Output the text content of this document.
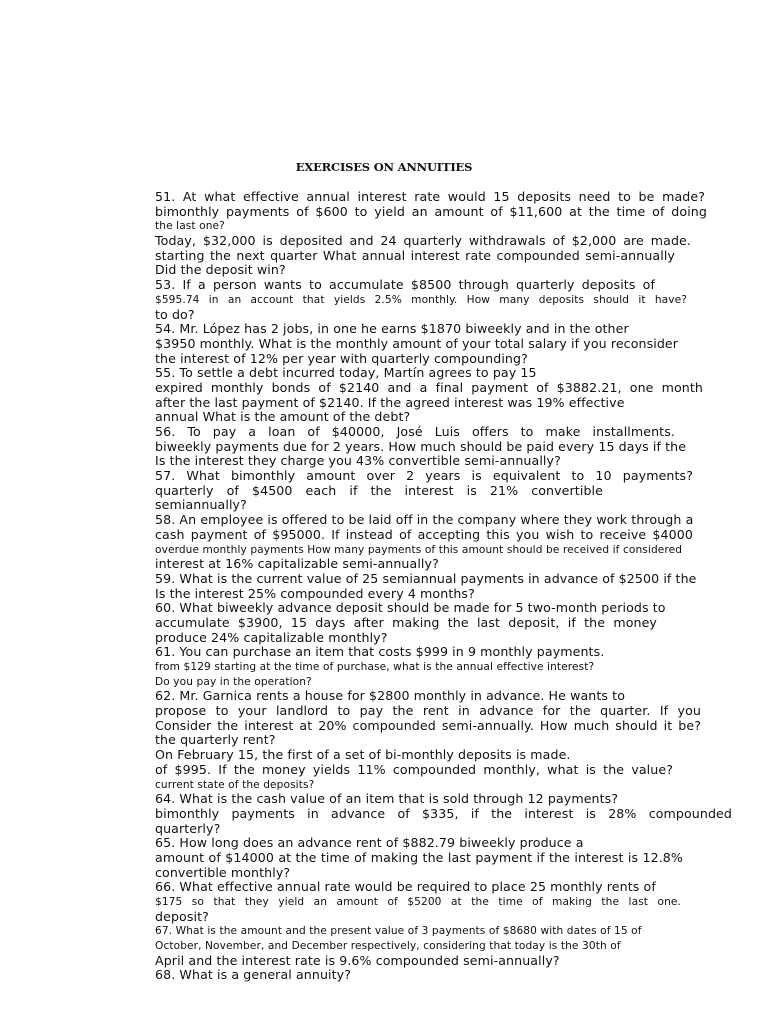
EXERCISES ON ANNUITIES
51. At what effective annual interest rate would 15 deposits need to be made?
bimonthly payments of $600 to yield an amount of $11,600 at the time of doing
the last one?
Today, $32,000 is deposited and 24 quarterly withdrawals of $2,000 are made.
starting the next quarter What annual interest rate compounded semi-annually
Did the deposit win?
53. If a person wants to accumulate $8500 through quarterly deposits of
$595.74 in an account that yields 2.5% monthly. How many deposits should it have?
to do?
54. Mr. López has 2 jobs, in one he earns $1870 biweekly and in the other
$3950 monthly. What is the monthly amount of your total salary if you reconsider
the interest of 12% per year with quarterly compounding?
55. To settle a debt incurred today, Martín agrees to pay 15
expired monthly bonds of $2140 and a final payment of $3882.21, one month
after the last payment of $2140. If the agreed interest was 19% effective
annual What is the amount of the debt?
56. To pay a loan of $40000, José Luis offers to make installments.
biweekly payments due for 2 years. How much should be paid every 15 days if the
Is the interest they charge you 43% convertible semi-annually?
57. What bimonthly amount over 2 years is equivalent to 10 payments?
quarterly of $4500 each if the interest is 21% convertible
semiannually?
58. An employee is offered to be laid off in the company where they work through a
cash payment of $95000. If instead of accepting this you wish to receive $4000
overdue monthly payments How many payments of this amount should be received if considered
interest at 16% capitalizable semi-annually?
59. What is the current value of 25 semiannual payments in advance of $2500 if the
Is the interest 25% compounded every 4 months?
60. What biweekly advance deposit should be made for 5 two-month periods to
accumulate $3900, 15 days after making the last deposit, if the money
produce 24% capitalizable monthly?
61. You can purchase an item that costs $999 in 9 monthly payments.
from $129 starting at the time of purchase, what is the annual effective interest?
Do you pay in the operation?
62. Mr. Garnica rents a house for $2800 monthly in advance. He wants to
propose to your landlord to pay the rent in advance for the quarter. If you
Consider the interest at 20% compounded semi-annually. How much should it be?
the quarterly rent?
On February 15, the first of a set of bi-monthly deposits is made.
of $995. If the money yields 11% compounded monthly, what is the value?
current state of the deposits?
64. What is the cash value of an item that is sold through 12 payments?
bimonthly payments in advance of $335, if the interest is 28% compounded
quarterly?
65. How long does an advance rent of $882.79 biweekly produce a
amount of $14000 at the time of making the last payment if the interest is 12.8%
convertible monthly?
66. What effective annual rate would be required to place 25 monthly rents of
$175 so that they yield an amount of $5200 at the time of making the last one.
deposit?
67. What is the amount and the present value of 3 payments of $8680 with dates of 15 of
October, November, and December respectively, considering that today is the 30th of
April and the interest rate is 9.6% compounded semi-annually?
68. What is a general annuity?
